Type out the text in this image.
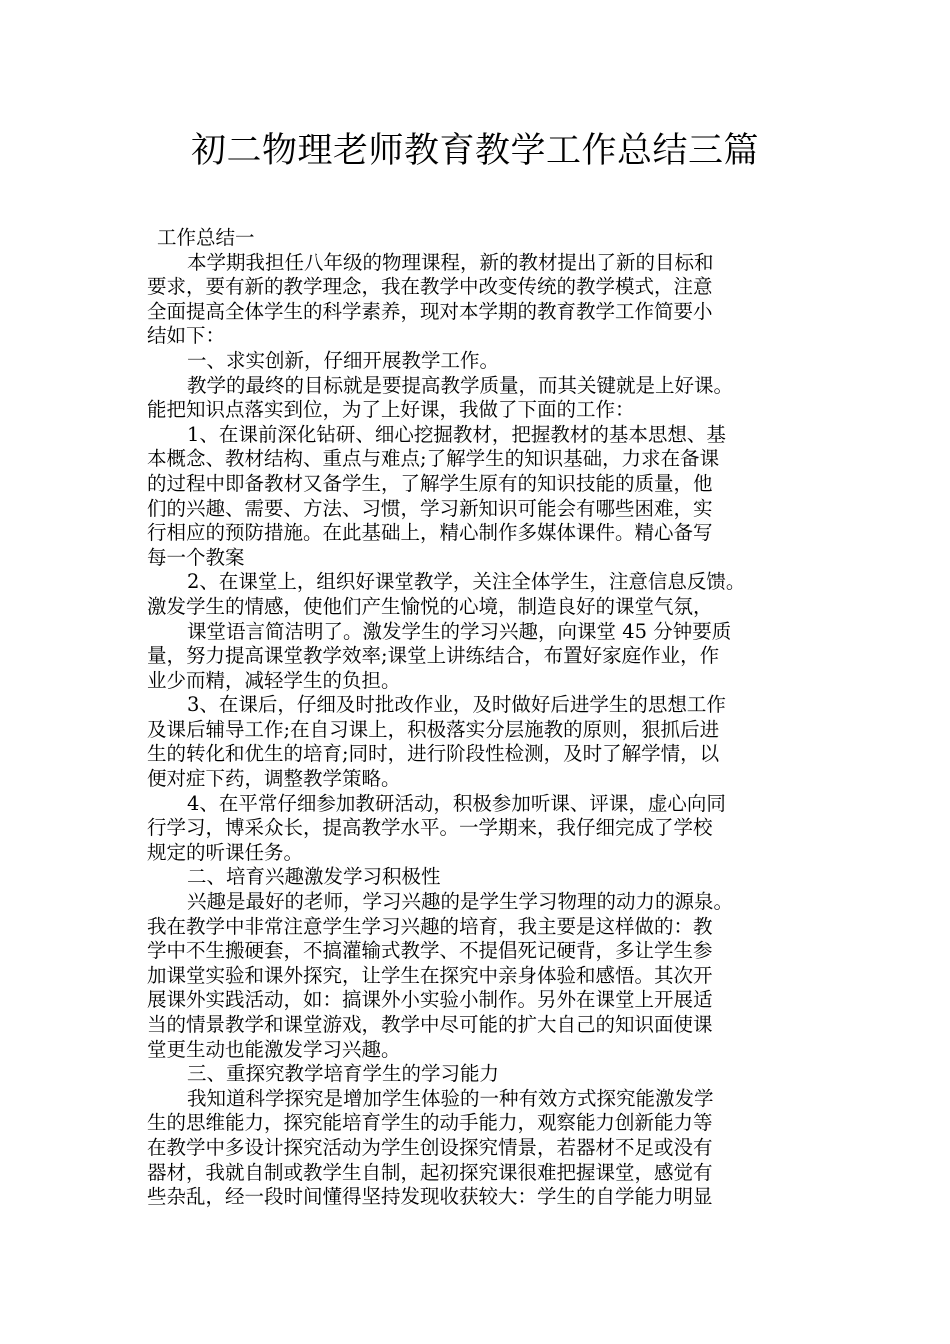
初二物理老师教育教学工作总结三篇
工作总结一
本学期我担任八年级的物理课程，新的教材提出了新的目标和
要求，要有新的教学理念，我在教学中改变传统的教学模式，注意
全面提高全体学生的科学素养，现对本学期的教育教学工作简要小
结如下：
一、求实创新，仔细开展教学工作。
教学的最终的目标就是要提高教学质量，而其关键就是上好课。
能把知识点落实到位，为了上好课，我做了下面的工作：
1、在课前深化钻研、细心挖掘教材，把握教材的基本思想、基
本概念、教材结构、重点与难点;了解学生的知识基础，力求在备课
的过程中即备教材又备学生，了解学生原有的知识技能的质量，他
们的兴趣、需要、方法、习惯，学习新知识可能会有哪些困难，实
行相应的预防措施。在此基础上，精心制作多媒体课件。精心备写
每一个教案
2、在课堂上，组织好课堂教学，关注全体学生，注意信息反馈。
激发学生的情感，使他们产生愉悦的心境，制造良好的课堂气氛，
课堂语言简洁明了。激发学生的学习兴趣，向课堂 45 分钟要质
量，努力提高课堂教学效率;课堂上讲练结合，布置好家庭作业，作
业少而精，减轻学生的负担。
3、在课后，仔细及时批改作业，及时做好后进学生的思想工作
及课后辅导工作;在自习课上，积极落实分层施教的原则，狠抓后进
生的转化和优生的培育;同时，进行阶段性检测，及时了解学情，以
便对症下药，调整教学策略。
4、在平常仔细参加教研活动，积极参加听课、评课，虚心向同
行学习，博采众长，提高教学水平。一学期来，我仔细完成了学校
规定的听课任务。
二、培育兴趣激发学习积极性
兴趣是最好的老师，学习兴趣的是学生学习物理的动力的源泉。
我在教学中非常注意学生学习兴趣的培育，我主要是这样做的：教
学中不生搬硬套，不搞灌输式教学、不提倡死记硬背，多让学生参
加课堂实验和课外探究，让学生在探究中亲身体验和感悟。其次开
展课外实践活动，如：搞课外小实验小制作。另外在课堂上开展适
当的情景教学和课堂游戏，教学中尽可能的扩大自己的知识面使课
堂更生动也能激发学习兴趣。
三、重探究教学培育学生的学习能力
我知道科学探究是增加学生体验的一种有效方式探究能激发学
生的思维能力，探究能培育学生的动手能力，观察能力创新能力等
在教学中多设计探究活动为学生创设探究情景，若器材不足或没有
器材，我就自制或教学生自制，起初探究课很难把握课堂，感觉有
些杂乱，经一段时间懂得坚持发现收获较大：学生的自学能力明显
